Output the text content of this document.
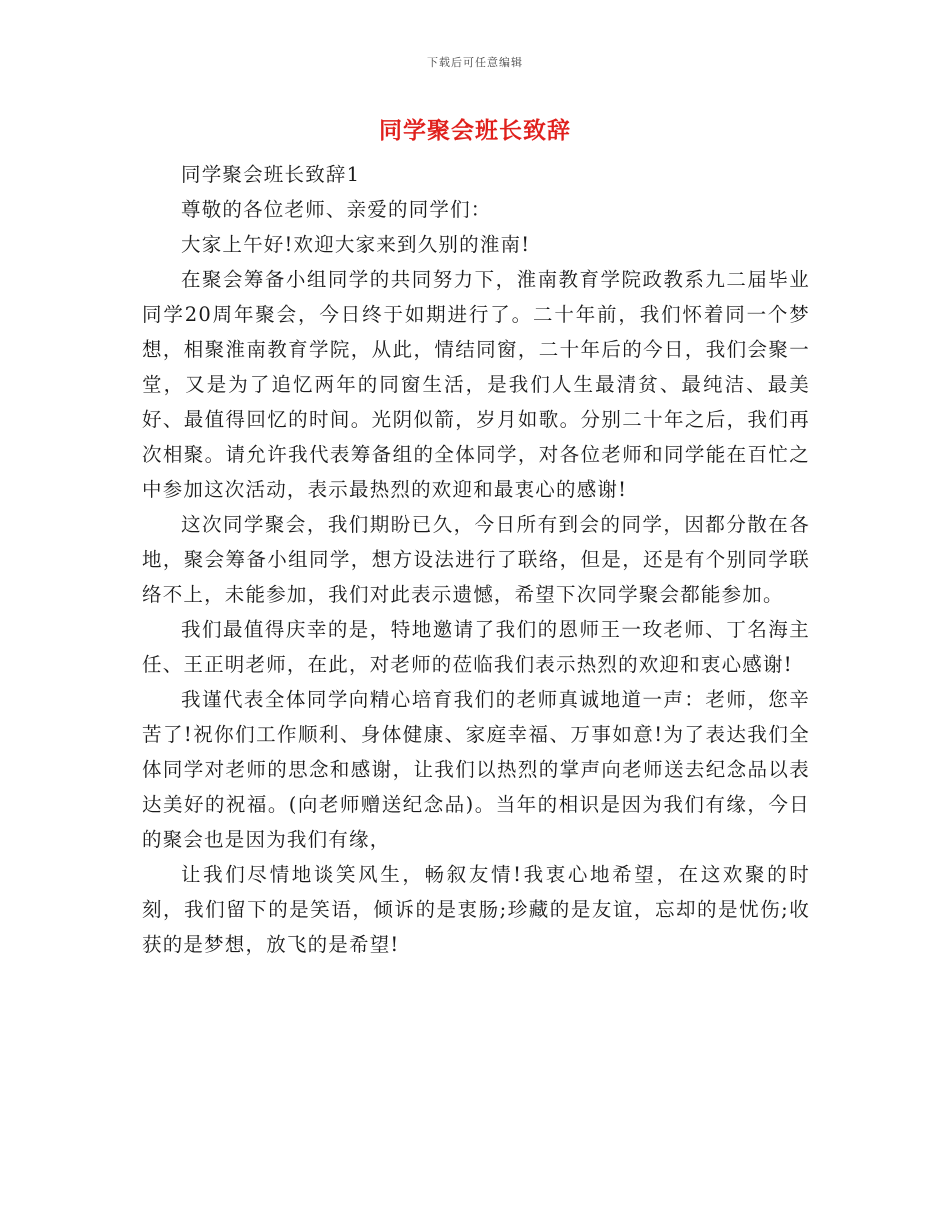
下载后可任意编辑
同学聚会班长致辞

同学聚会班长致辞1

尊敬的各位老师、亲爱的同学们：

大家上午好!欢迎大家来到久别的淮南!

在聚会筹备小组同学的共同努力下，淮南教育学院政教系九二届毕业同学20周年聚会，今日终于如期进行了。二十年前，我们怀着同一个梦想，相聚淮南教育学院，从此，情结同窗，二十年后的今日，我们会聚一堂，又是为了追忆两年的同窗生活，是我们人生最清贫、最纯洁、最美好、最值得回忆的时间。光阴似箭，岁月如歌。分别二十年之后，我们再次相聚。请允许我代表筹备组的全体同学，对各位老师和同学能在百忙之中参加这次活动，表示最热烈的欢迎和最衷心的感谢!

这次同学聚会，我们期盼已久，今日所有到会的同学，因都分散在各地，聚会筹备小组同学，想方设法进行了联络，但是，还是有个别同学联络不上，未能参加，我们对此表示遗憾，希望下次同学聚会都能参加。

我们最值得庆幸的是，特地邀请了我们的恩师王一玫老师、丁名海主任、王正明老师，在此，对老师的莅临我们表示热烈的欢迎和衷心感谢!

我谨代表全体同学向精心培育我们的老师真诚地道一声：老师，您辛苦了!祝你们工作顺利、身体健康、家庭幸福、万事如意!为了表达我们全体同学对老师的思念和感谢，让我们以热烈的掌声向老师送去纪念品以表达美好的祝福。(向老师赠送纪念品)。当年的相识是因为我们有缘，今日的聚会也是因为我们有缘，

让我们尽情地谈笑风生，畅叙友情!我衷心地希望，在这欢聚的时刻，我们留下的是笑语，倾诉的是衷肠;珍藏的是友谊，忘却的是忧伤;收获的是梦想，放飞的是希望!
